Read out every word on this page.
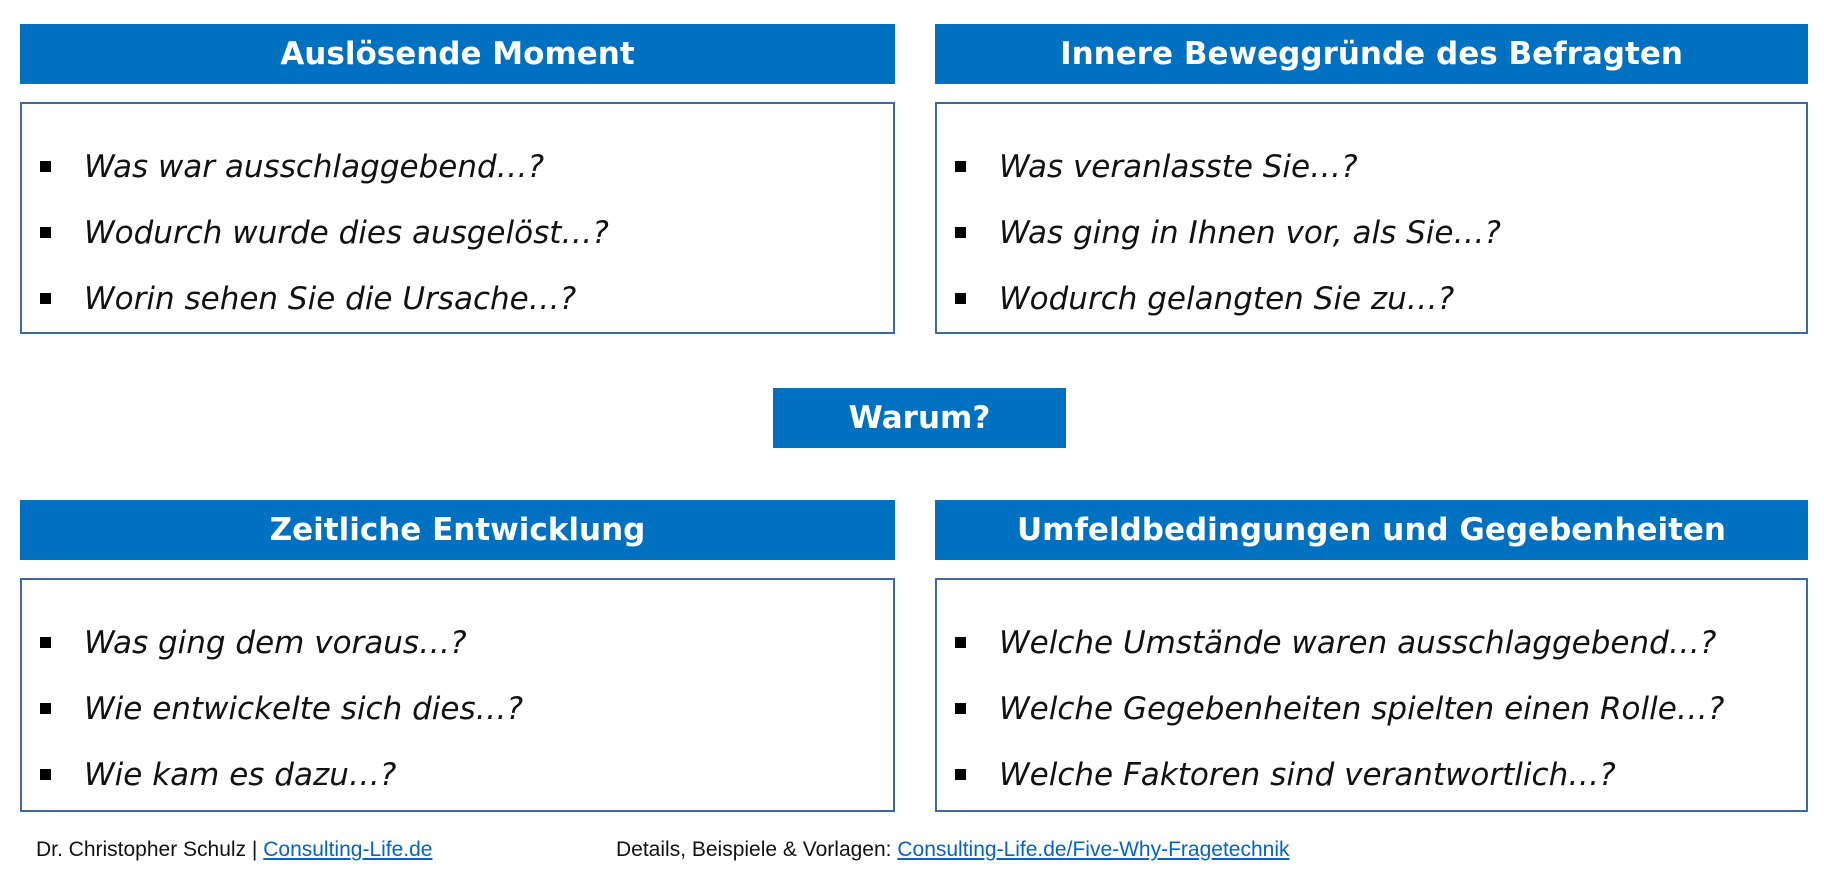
Auslösende Moment
Was war ausschlaggebend…?
Wodurch wurde dies ausgelöst…?
Worin sehen Sie die Ursache…?
Innere Beweggründe des Befragten
Was veranlasste Sie…?
Was ging in Ihnen vor, als Sie…?
Wodurch gelangten Sie zu…?
Warum?
Zeitliche Entwicklung
Was ging dem voraus…?
Wie entwickelte sich dies…?
Wie kam es dazu…?
Umfeldbedingungen und Gegebenheiten
Welche Umstände waren ausschlaggebend…?
Welche Gegebenheiten spielten einen Rolle…?
Welche Faktoren sind verantwortlich…?
Dr. Christopher Schulz | Consulting-Life.de	Details, Beispiele & Vorlagen: Consulting-Life.de/Five-Why-Fragetechnik
